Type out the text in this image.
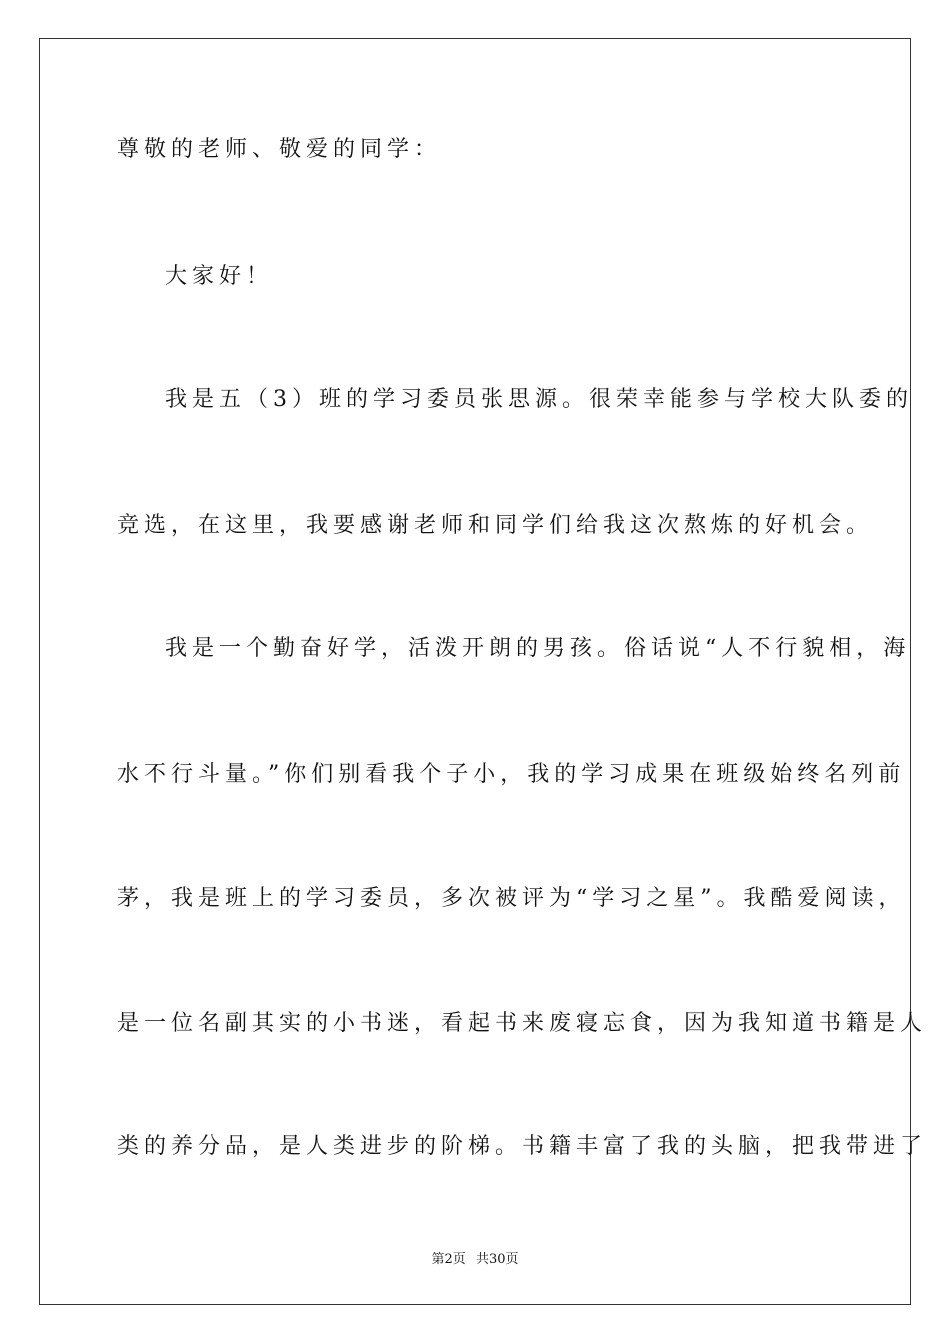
尊敬的老师、敬爱的同学：
大家好！
我是五（3）班的学习委员张思源。很荣幸能参与学校大队委的
竞选，在这里，我要感谢老师和同学们给我这次熬炼的好机会。
我是一个勤奋好学，活泼开朗的男孩。俗话说“人不行貌相，海
水不行斗量。”你们别看我个子小，我的学习成果在班级始终名列前
茅，我是班上的学习委员，多次被评为“学习之星”。我酷爱阅读，
是一位名副其实的小书迷，看起书来废寝忘食，因为我知道书籍是人
类的养分品，是人类进步的阶梯。书籍丰富了我的头脑，把我带进了
第2页 共30页
